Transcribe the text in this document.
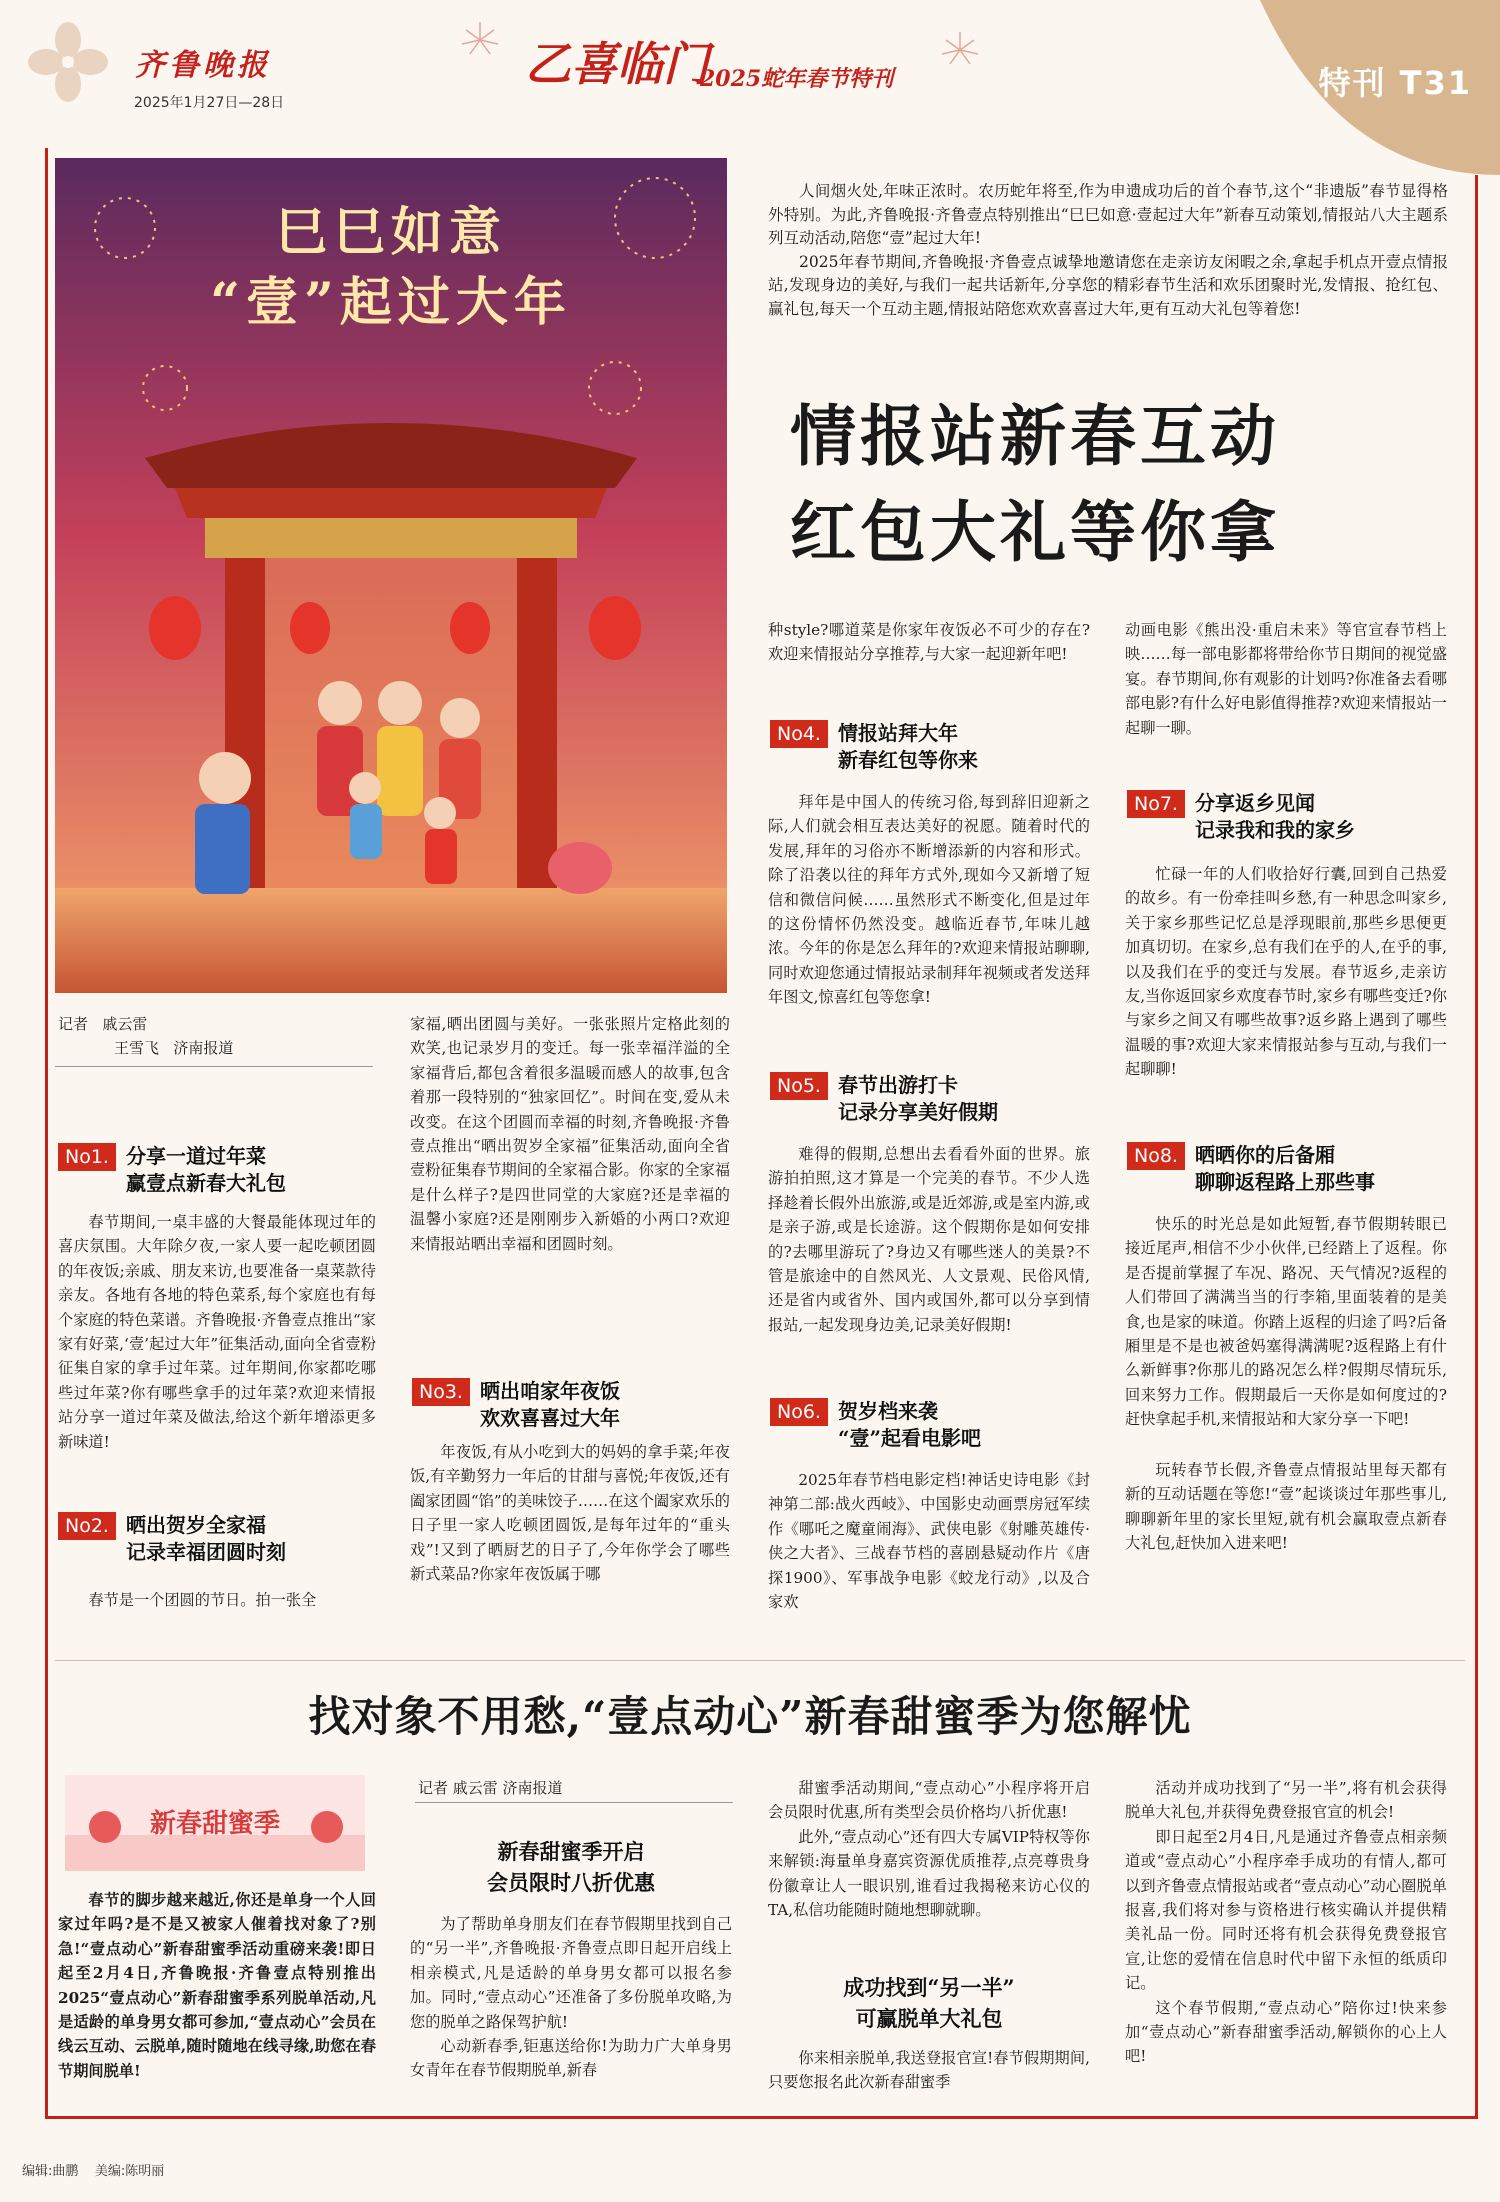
齐鲁晚报
2025年1月27日—28日
乙喜临门
2025蛇年春节特刊	特刊 T31
巳巳如意
“壹”起过大年

人间烟火处,年味正浓时。农历蛇年将至,作为申遗成功后的首个春节,这个“非遗版”春节显得格外特别。为此,齐鲁晚报·齐鲁壹点特别推出“巳巳如意·壹起过大年”新春互动策划,情报站八大主题系列互动活动,陪您“壹”起过大年!

2025年春节期间,齐鲁晚报·齐鲁壹点诚挚地邀请您在走亲访友闲暇之余,拿起手机点开壹点情报站,发现身边的美好,与我们一起共话新年,分享您的精彩春节生活和欢乐团聚时光,发情报、抢红包、赢礼包,每天一个互动主题,情报站陪您欢欢喜喜过大年,更有互动大礼包等着您!

情报站新春互动
红包大礼等你拿
记者 戚云雷
王雪飞 济南报道
No1. 分享一道过年菜
赢壹点新春大礼包

春节期间,一桌丰盛的大餐最能体现过年的喜庆氛围。大年除夕夜,一家人要一起吃顿团圆的年夜饭;亲戚、朋友来访,也要准备一桌菜款待亲友。各地有各地的特色菜系,每个家庭也有每个家庭的特色菜谱。齐鲁晚报·齐鲁壹点推出“家家有好菜,‘壹’起过大年”征集活动,面向全省壹粉征集自家的拿手过年菜。过年期间,你家都吃哪些过年菜?你有哪些拿手的过年菜?欢迎来情报站分享一道过年菜及做法,给这个新年增添更多新味道!

No2. 晒出贺岁全家福
记录幸福团圆时刻

春节是一个团圆的节日。拍一张全

家福,晒出团圆与美好。一张张照片定格此刻的欢笑,也记录岁月的变迁。每一张幸福洋溢的全家福背后,都包含着很多温暖而感人的故事,包含着那一段特别的“独家回忆”。时间在变,爱从未改变。在这个团圆而幸福的时刻,齐鲁晚报·齐鲁壹点推出“晒出贺岁全家福”征集活动,面向全省壹粉征集春节期间的全家福合影。你家的全家福是什么样子?是四世同堂的大家庭?还是幸福的温馨小家庭?还是刚刚步入新婚的小两口?欢迎来情报站晒出幸福和团圆时刻。

No3. 晒出咱家年夜饭
欢欢喜喜过大年

年夜饭,有从小吃到大的妈妈的拿手菜;年夜饭,有辛勤努力一年后的甘甜与喜悦;年夜饭,还有阖家团圆“馅”的美味饺子……在这个阖家欢乐的日子里一家人吃顿团圆饭,是每年过年的“重头戏”!又到了晒厨艺的日子了,今年你学会了哪些新式菜品?你家年夜饭属于哪

种style?哪道菜是你家年夜饭必不可少的存在?欢迎来情报站分享推荐,与大家一起迎新年吧!

No4. 情报站拜大年
新春红包等你来

拜年是中国人的传统习俗,每到辞旧迎新之际,人们就会相互表达美好的祝愿。随着时代的发展,拜年的习俗亦不断增添新的内容和形式。除了沿袭以往的拜年方式外,现如今又新增了短信和微信问候……虽然形式不断变化,但是过年的这份情怀仍然没变。越临近春节,年味儿越浓。今年的你是怎么拜年的?欢迎来情报站聊聊,同时欢迎您通过情报站录制拜年视频或者发送拜年图文,惊喜红包等您拿!

No5. 春节出游打卡
记录分享美好假期

难得的假期,总想出去看看外面的世界。旅游拍拍照,这才算是一个完美的春节。不少人选择趁着长假外出旅游,或是近郊游,或是室内游,或是亲子游,或是长途游。这个假期你是如何安排的?去哪里游玩了?身边又有哪些迷人的美景?不管是旅途中的自然风光、人文景观、民俗风情,还是省内或省外、国内或国外,都可以分享到情报站,一起发现身边美,记录美好假期!

No6. 贺岁档来袭
“壹”起看电影吧

2025年春节档电影定档!神话史诗电影《封神第二部:战火西岐》、中国影史动画票房冠军续作《哪吒之魔童闹海》、武侠电影《射雕英雄传·侠之大者》、三战春节档的喜剧悬疑动作片《唐探1900》、军事战争电影《蛟龙行动》,以及合家欢

动画电影《熊出没·重启未来》等官宣春节档上映……每一部电影都将带给你节日期间的视觉盛宴。春节期间,你有观影的计划吗?你准备去看哪部电影?有什么好电影值得推荐?欢迎来情报站一起聊一聊。

No7. 分享返乡见闻
记录我和我的家乡

忙碌一年的人们收拾好行囊,回到自己热爱的故乡。有一份牵挂叫乡愁,有一种思念叫家乡,关于家乡那些记忆总是浮现眼前,那些乡思便更加真切切。在家乡,总有我们在乎的人,在乎的事,以及我们在乎的变迁与发展。春节返乡,走亲访友,当你返回家乡欢度春节时,家乡有哪些变迁?你与家乡之间又有哪些故事?返乡路上遇到了哪些温暖的事?欢迎大家来情报站参与互动,与我们一起聊聊!

No8. 晒晒你的后备厢
聊聊返程路上那些事

快乐的时光总是如此短暂,春节假期转眼已接近尾声,相信不少小伙伴,已经踏上了返程。你是否提前掌握了车况、路况、天气情况?返程的人们带回了满满当当的行李箱,里面装着的是美食,也是家的味道。你踏上返程的归途了吗?后备厢里是不是也被爸妈塞得满满呢?返程路上有什么新鲜事?你那儿的路况怎么样?假期尽情玩乐,回来努力工作。假期最后一天你是如何度过的?赶快拿起手机,来情报站和大家分享一下吧!

玩转春节长假,齐鲁壹点情报站里每天都有新的互动话题在等您!“壹”起谈谈过年那些事儿,聊聊新年里的家长里短,就有机会赢取壹点新春大礼包,赶快加入进来吧!

找对象不用愁,“壹点动心”新春甜蜜季为您解忧
新春甜蜜季

春节的脚步越来越近,你还是单身一个人回家过年吗?是不是又被家人催着找对象了?别急!“壹点动心”新春甜蜜季活动重磅来袭!即日起至2月4日,齐鲁晚报·齐鲁壹点特别推出2025“壹点动心”新春甜蜜季系列脱单活动,凡是适龄的单身男女都可参加,“壹点动心”会员在线云互动、云脱单,随时随地在线寻缘,助您在春节期间脱单!

记者 戚云雷 济南报道
新春甜蜜季开启
会员限时八折优惠

为了帮助单身朋友们在春节假期里找到自己的“另一半”,齐鲁晚报·齐鲁壹点即日起开启线上相亲模式,凡是适龄的单身男女都可以报名参加。同时,“壹点动心”还准备了多份脱单攻略,为您的脱单之路保驾护航!

心动新春季,钜惠送给你!为助力广大单身男女青年在春节假期脱单,新春

甜蜜季活动期间,“壹点动心”小程序将开启会员限时优惠,所有类型会员价格均八折优惠!

此外,“壹点动心”还有四大专属VIP特权等你来解锁:海量单身嘉宾资源优质推荐,点亮尊贵身份徽章让人一眼识别,谁看过我揭秘来访心仪的TA,私信功能随时随地想聊就聊。

成功找到“另一半”
可赢脱单大礼包

你来相亲脱单,我送登报官宣!春节假期期间,只要您报名此次新春甜蜜季

活动并成功找到了“另一半”,将有机会获得脱单大礼包,并获得免费登报官宣的机会!

即日起至2月4日,凡是通过齐鲁壹点相亲频道或“壹点动心”小程序牵手成功的有情人,都可以到齐鲁壹点情报站或者“壹点动心”动心圈脱单报喜,我们将对参与资格进行核实确认并提供精美礼品一份。同时还将有机会获得免费登报官宣,让您的爱情在信息时代中留下永恒的纸质印记。

这个春节假期,“壹点动心”陪你过!快来参加“壹点动心”新春甜蜜季活动,解锁你的心上人吧!

编辑:曲鹏 美编:陈明丽
